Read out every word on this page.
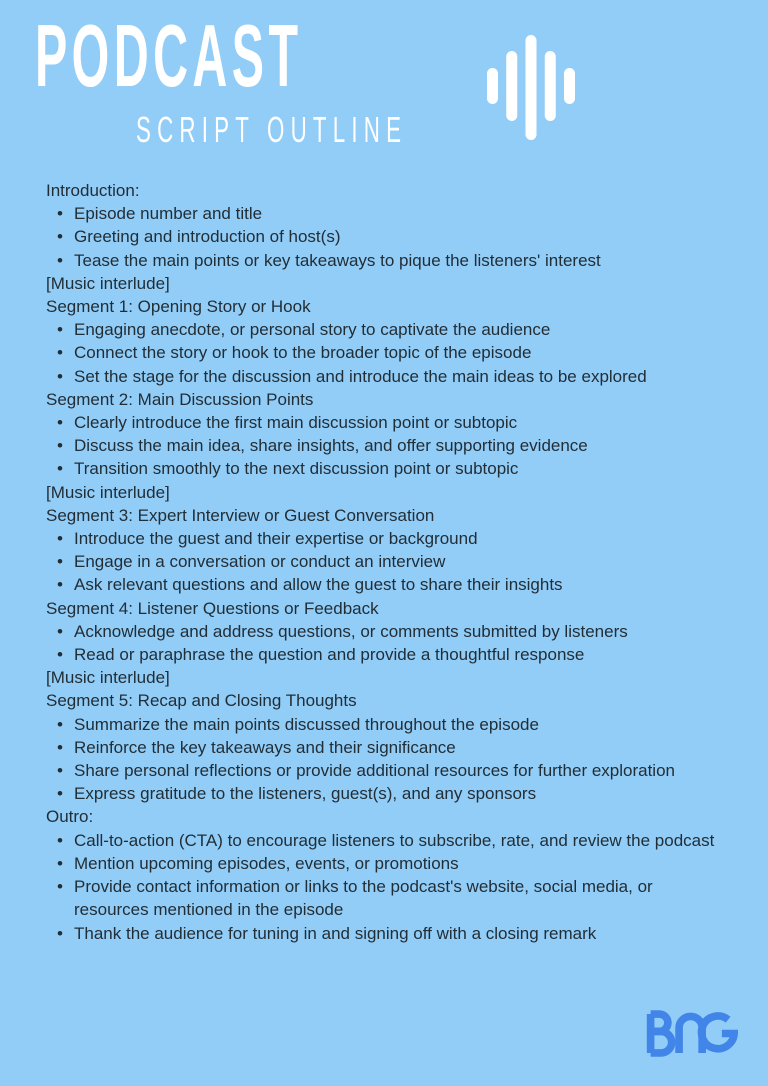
PODCAST
SCRIPT OUTLINE
Introduction:
• Episode number and title
• Greeting and introduction of host(s)
• Tease the main points or key takeaways to pique the listeners' interest
[Music interlude]
Segment 1: Opening Story or Hook
• Engaging anecdote, or personal story to captivate the audience
• Connect the story or hook to the broader topic of the episode
• Set the stage for the discussion and introduce the main ideas to be explored
Segment 2: Main Discussion Points
• Clearly introduce the first main discussion point or subtopic
• Discuss the main idea, share insights, and offer supporting evidence
• Transition smoothly to the next discussion point or subtopic
[Music interlude]
Segment 3: Expert Interview or Guest Conversation
• Introduce the guest and their expertise or background
• Engage in a conversation or conduct an interview
• Ask relevant questions and allow the guest to share their insights
Segment 4: Listener Questions or Feedback
• Acknowledge and address questions, or comments submitted by listeners
• Read or paraphrase the question and provide a thoughtful response
[Music interlude]
Segment 5: Recap and Closing Thoughts
• Summarize the main points discussed throughout the episode
• Reinforce the key takeaways and their significance
• Share personal reflections or provide additional resources for further exploration
• Express gratitude to the listeners, guest(s), and any sponsors
Outro:
• Call-to-action (CTA) to encourage listeners to subscribe, rate, and review the podcast
• Mention upcoming episodes, events, or promotions
• Provide contact information or links to the podcast's website, social media, or resources mentioned in the episode
• Thank the audience for tuning in and signing off with a closing remark
